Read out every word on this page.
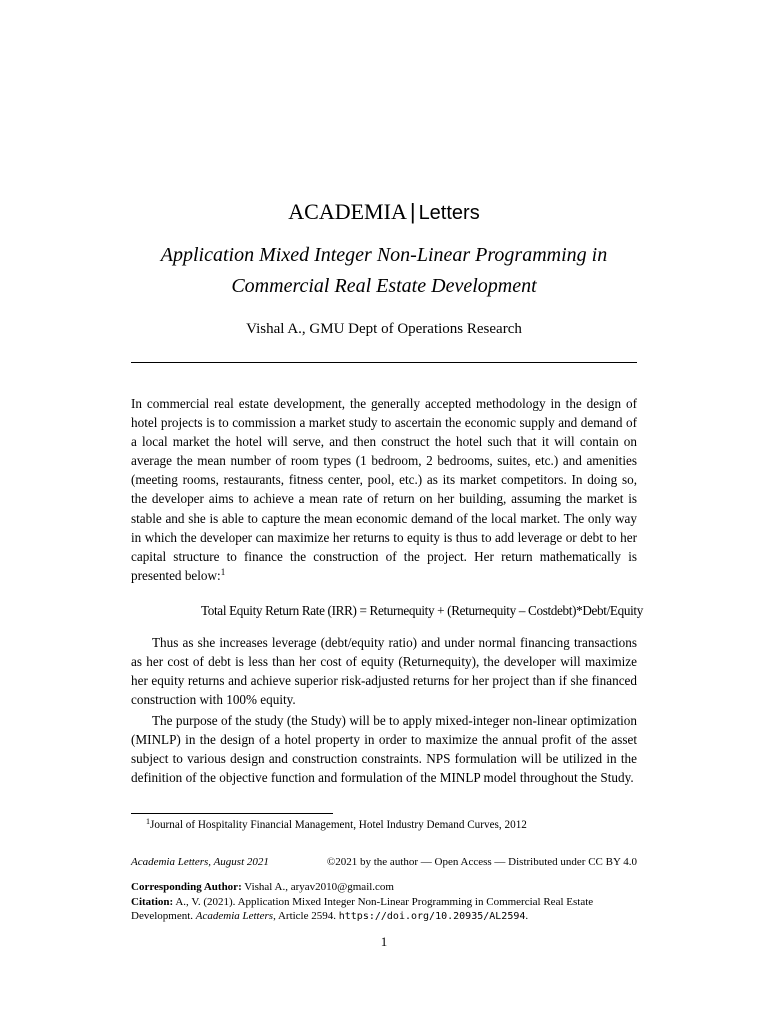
ACADEMIA | Letters
Application Mixed Integer Non-Linear Programming in Commercial Real Estate Development
Vishal A., GMU Dept of Operations Research

In commercial real estate development, the generally accepted methodology in the design of hotel projects is to commission a market study to ascertain the economic supply and demand of a local market the hotel will serve, and then construct the hotel such that it will contain on average the mean number of room types (1 bedroom, 2 bedrooms, suites, etc.) and amenities (meeting rooms, restaurants, fitness center, pool, etc.) as its market competitors. In doing so, the developer aims to achieve a mean rate of return on her building, assuming the market is stable and she is able to capture the mean economic demand of the local market. The only way in which the developer can maximize her returns to equity is thus to add leverage or debt to her capital structure to finance the construction of the project. Her return mathematically is presented below:$^1$

Total Equity Return Rate (IRR) = Returnequity + (Returnequity – Costdebt)*Debt/Equity

Thus as she increases leverage (debt/equity ratio) and under normal financing transactions as her cost of debt is less than her cost of equity (Returnequity), the developer will maximize her equity returns and achieve superior risk-adjusted returns for her project than if she financed construction with 100% equity.

The purpose of the study (the Study) will be to apply mixed-integer non-linear optimization (MINLP) in the design of a hotel property in order to maximize the annual profit of the asset subject to various design and construction constraints. NPS formulation will be utilized in the definition of the objective function and formulation of the MINLP model throughout the Study.

$^1$Journal of Hospitality Financial Management, Hotel Industry Demand Curves, 2012
Academia Letters, August 2021	©2021 by the author — Open Access — Distributed under CC BY 4.0
Corresponding Author: Vishal A., aryav2010@gmail.com
Citation: A., V. (2021). Application Mixed Integer Non-Linear Programming in Commercial Real Estate Development. Academia Letters, Article 2594. https://doi.org/10.20935/AL2594.
1
